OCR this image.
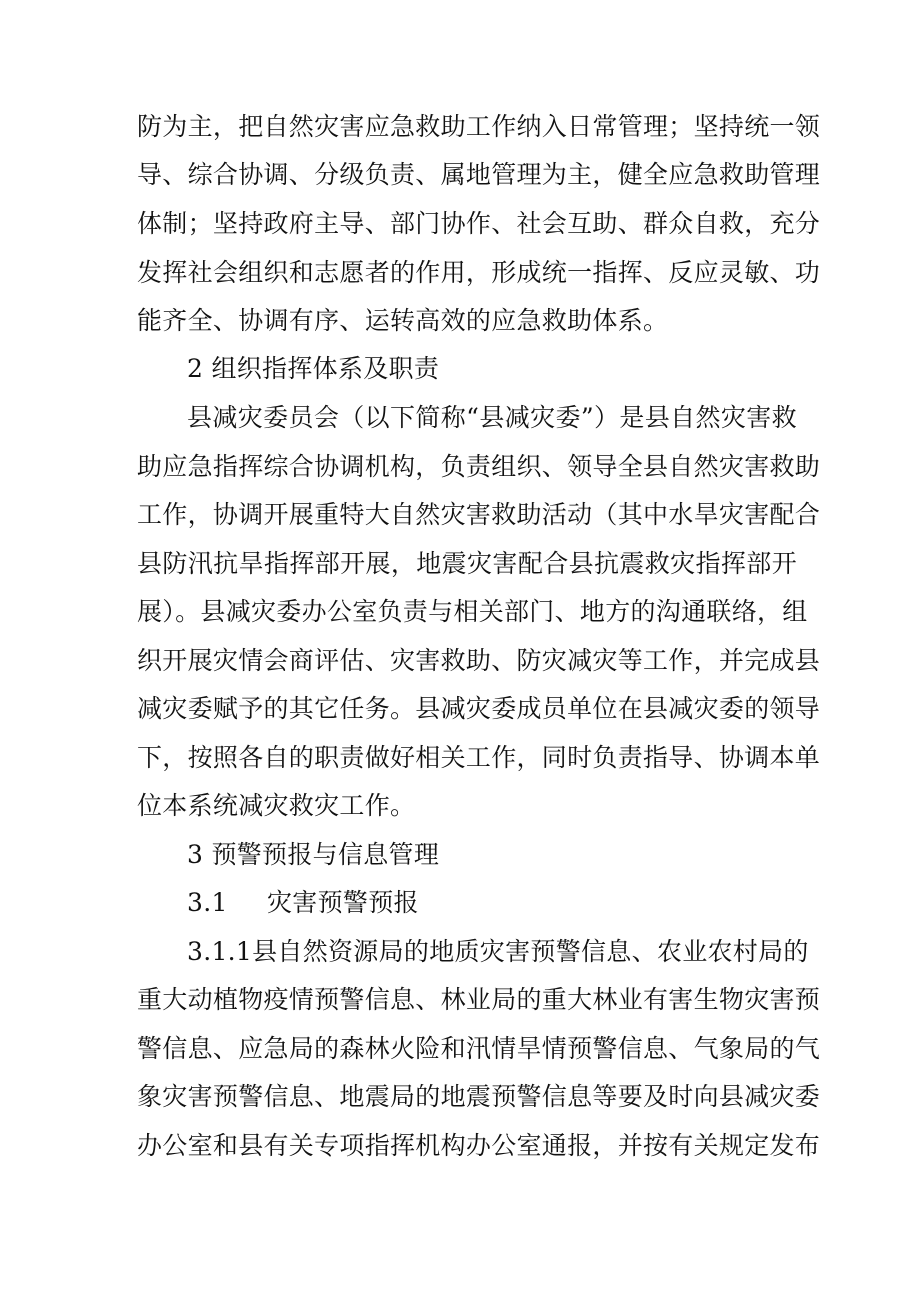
防为主，把自然灾害应急救助工作纳入日常管理；坚持统一领
导、综合协调、分级负责、属地管理为主，健全应急救助管理
体制；坚持政府主导、部门协作、社会互助、群众自救，充分
发挥社会组织和志愿者的作用，形成统一指挥、反应灵敏、功
能齐全、协调有序、运转高效的应急救助体系。
2 组织指挥体系及职责
县减灾委员会（以下简称“县减灾委”）是县自然灾害救
助应急指挥综合协调机构，负责组织、领导全县自然灾害救助
工作，协调开展重特大自然灾害救助活动（其中水旱灾害配合
县防汛抗旱指挥部开展，地震灾害配合县抗震救灾指挥部开
展）。县减灾委办公室负责与相关部门、地方的沟通联络，组
织开展灾情会商评估、灾害救助、防灾减灾等工作，并完成县
减灾委赋予的其它任务。县减灾委成员单位在县减灾委的领导
下，按照各自的职责做好相关工作，同时负责指导、协调本单
位本系统减灾救灾工作。
3 预警预报与信息管理
3.1 灾害预警预报
3.1.1县自然资源局的地质灾害预警信息、农业农村局的
重大动植物疫情预警信息、林业局的重大林业有害生物灾害预
警信息、应急局的森林火险和汛情旱情预警信息、气象局的气
象灾害预警信息、地震局的地震预警信息等要及时向县减灾委
办公室和县有关专项指挥机构办公室通报，并按有关规定发布
